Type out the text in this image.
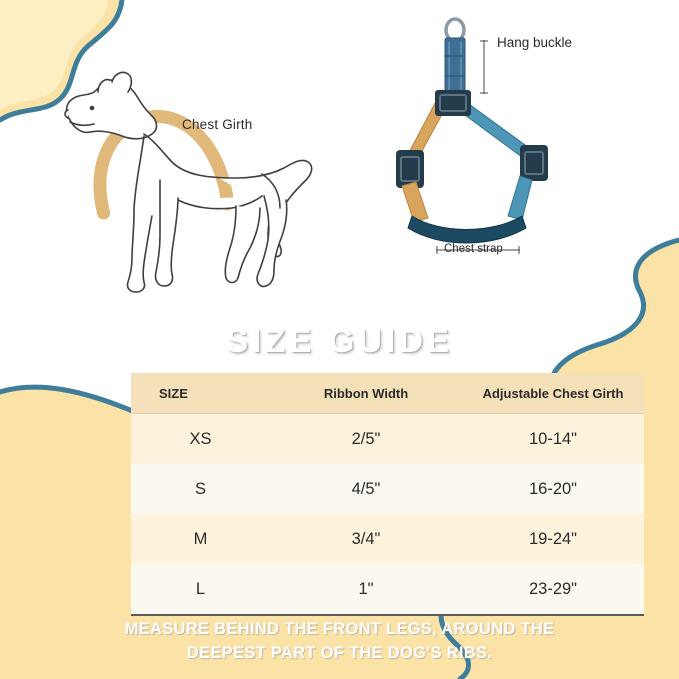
Chest Girth
Hang buckle
Chest strap
SIZE GUIDE
SIZE	Ribbon Width	Adjustable Chest Girth
XS	2/5"	10-14"
S	4/5"	16-20"
M	3/4"	19-24"
L	1"	23-29"
MEASURE BEHIND THE FRONT LEGS, AROUND THE
DEEPEST PART OF THE DOG'S RIBS.
